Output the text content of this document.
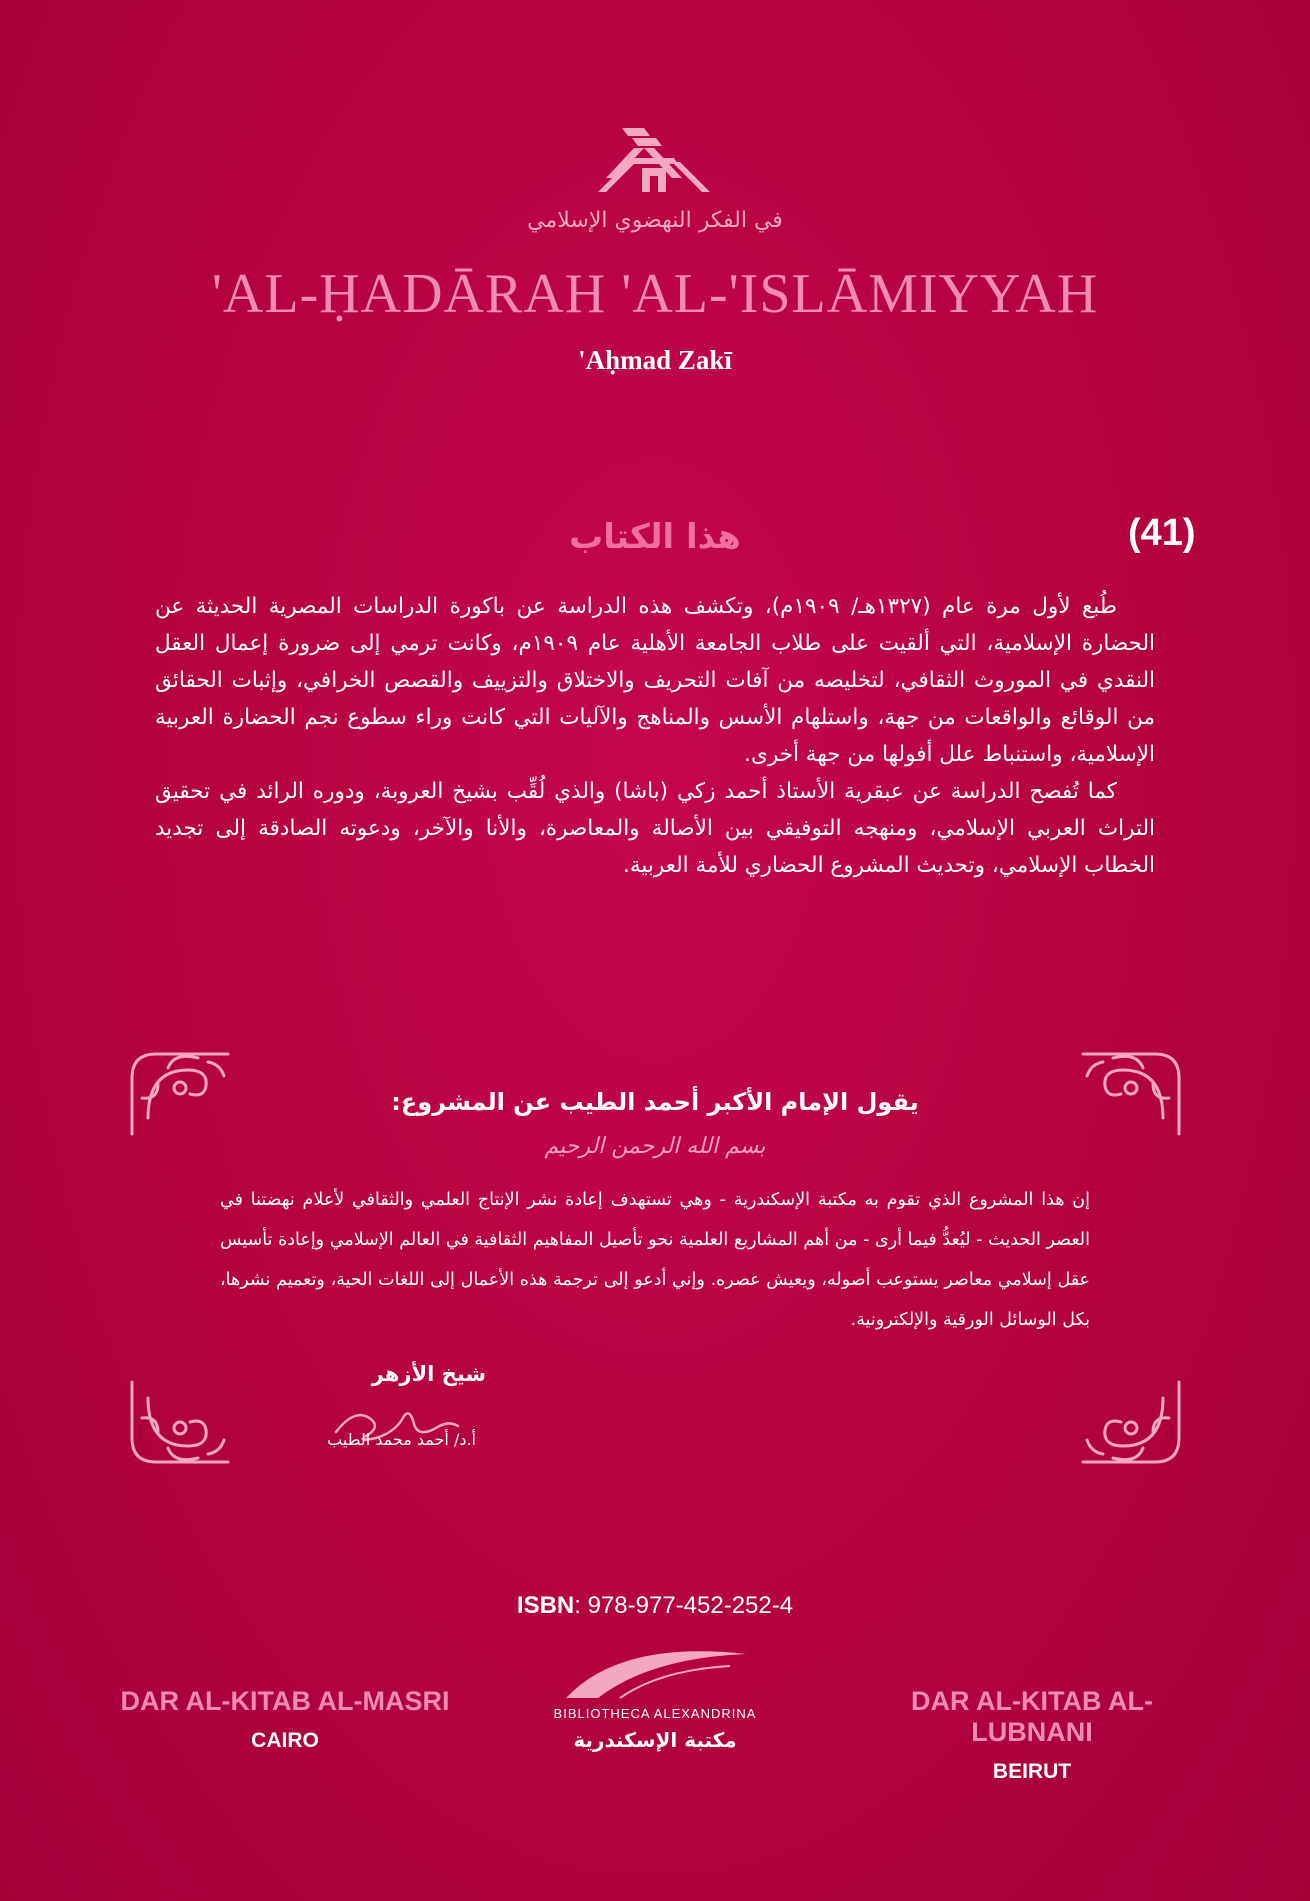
في الفكر النهضوي الإسلامي
'AL-ḤADĀRAH 'AL-'ISLĀMIYYAH
'Aḥmad Zakī
(41)
هذا الكتاب

طُبع لأول مرة عام (١٣٢٧هـ/ ١٩٠٩م)، وتكشف هذه الدراسة عن باكورة الدراسات المصرية الحديثة عن الحضارة الإسلامية، التي ألقيت على طلاب الجامعة الأهلية عام ١٩٠٩م، وكانت ترمي إلى ضرورة إعمال العقل النقدي في الموروث الثقافي، لتخليصه من آفات التحريف والاختلاق والتزييف والقصص الخرافي، وإثبات الحقائق من الوقائع والواقعات من جهة، واستلهام الأسس والمناهج والآليات التي كانت وراء سطوع نجم الحضارة العربية الإسلامية، واستنباط علل أفولها من جهة أخرى.

كما تُفصح الدراسة عن عبقرية الأستاذ أحمد زكي (باشا) والذي لُقِّب بشيخ العروبة، ودوره الرائد في تحقيق التراث العربي الإسلامي، ومنهجه التوفيقي بين الأصالة والمعاصرة، والأنا والآخر، ودعوته الصادقة إلى تجديد الخطاب الإسلامي، وتحديث المشروع الحضاري للأمة العربية.

يقول الإمام الأكبر أحمد الطيب عن المشروع:
بسم الله الرحمن الرحيم
إن هذا المشروع الذي تقوم به مكتبة الإسكندرية - وهي تستهدف إعادة نشر الإنتاج العلمي والثقافي لأعلام نهضتنا في العصر الحديث - ليُعدُّ فيما أرى - من أهم المشاريع العلمية نحو تأصيل المفاهيم الثقافية في العالم الإسلامي وإعادة تأسيس عقل إسلامي معاصر يستوعب أصوله، ويعيش عصره. وإني أدعو إلى ترجمة هذه الأعمال إلى اللغات الحية، وتعميم نشرها، بكل الوسائل الورقية والإلكترونية.
شيخ الأزهر
أ.د/ أحمد محمد الطيب
ISBN: 978-977-452-252-4
DAR AL-KITAB AL-MASRI
CAIRO
BIBLIOTHECA ALEXANDRINA
مكتبة الإسكندرية
DAR AL-KITAB AL-LUBNANI
BEIRUT
